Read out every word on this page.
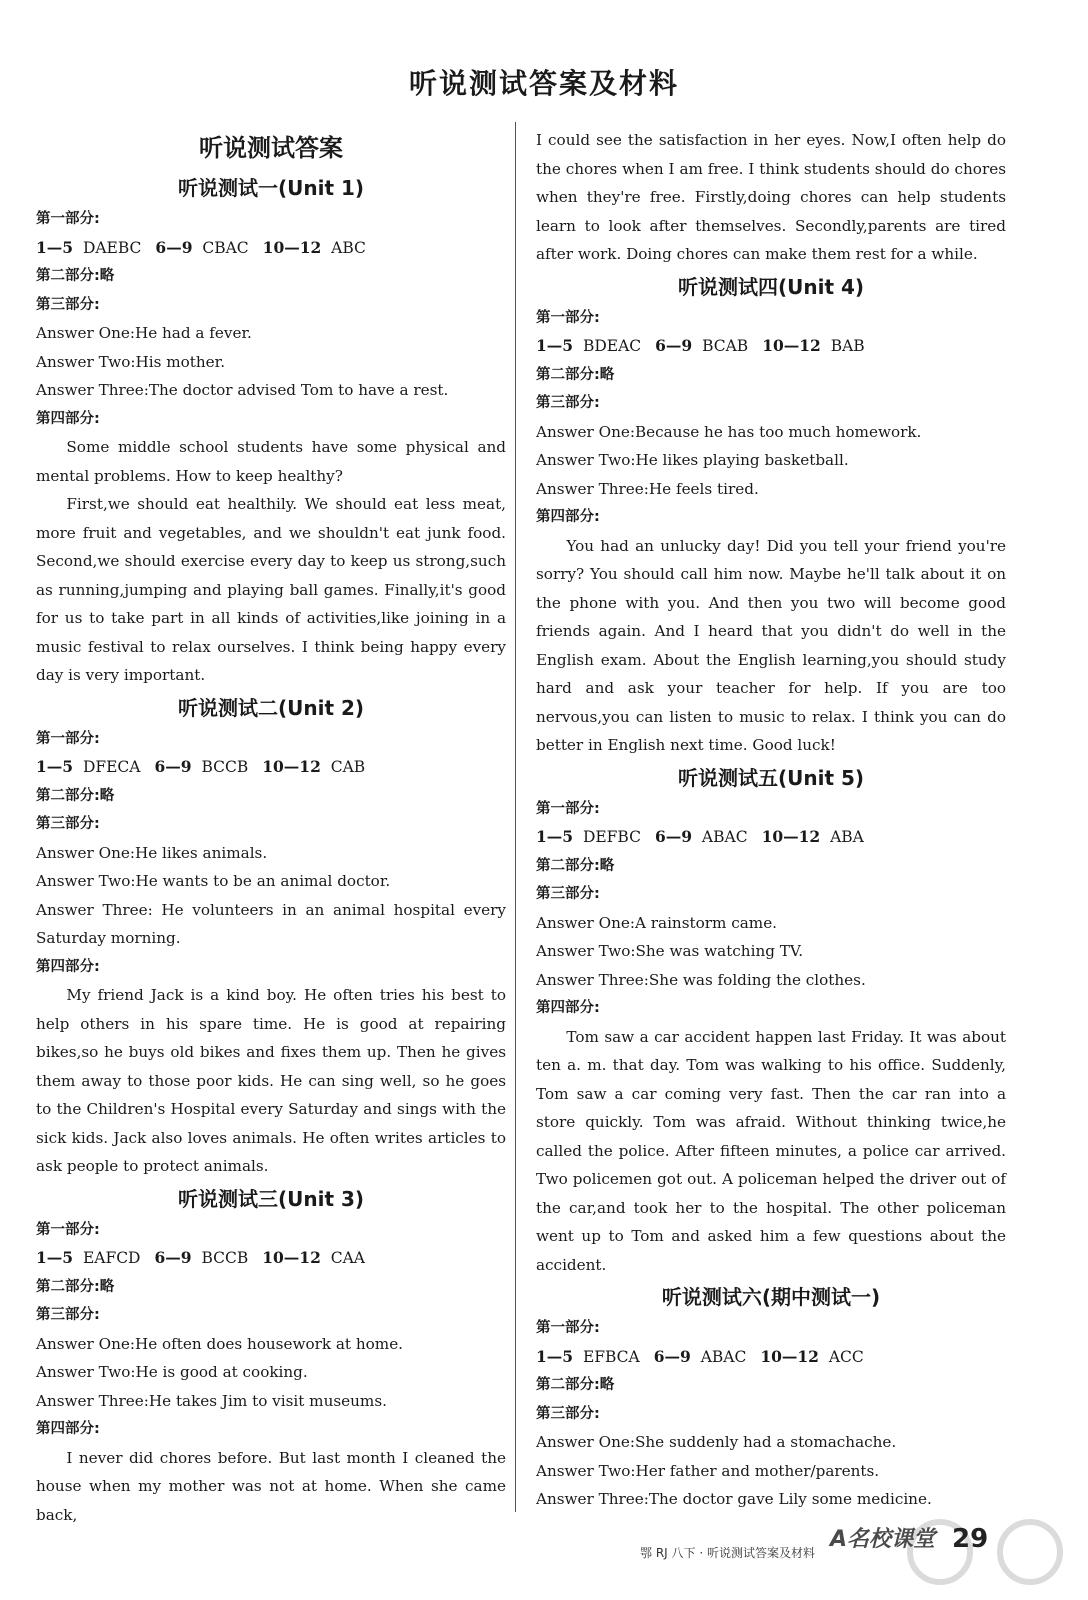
听说测试答案及材料
听说测试答案
听说测试一(Unit 1)
第一部分:
1—5 DAEBC 6—9 CBAC 10—12 ABC
第二部分:略
第三部分:
Answer One:He had a fever.
Answer Two:His mother.
Answer Three:The doctor advised Tom to have a rest.
第四部分:

Some middle school students have some physical and mental problems. How to keep healthy?

First,we should eat healthily. We should eat less meat, more fruit and vegetables, and we shouldn't eat junk food. Second,we should exercise every day to keep us strong,such as running,jumping and playing ball games. Finally,it's good for us to take part in all kinds of activities,like joining in a music festival to relax ourselves. I think being happy every day is very important.

听说测试二(Unit 2)
第一部分:
1—5 DFECA 6—9 BCCB 10—12 CAB
第二部分:略
第三部分:
Answer One:He likes animals.
Answer Two:He wants to be an animal doctor.

Answer Three: He volunteers in an animal hospital every Saturday morning.

第四部分:

My friend Jack is a kind boy. He often tries his best to help others in his spare time. He is good at repairing bikes,so he buys old bikes and fixes them up. Then he gives them away to those poor kids. He can sing well, so he goes to the Children's Hospital every Saturday and sings with the sick kids. Jack also loves animals. He often writes articles to ask people to protect animals.

听说测试三(Unit 3)
第一部分:
1—5 EAFCD 6—9 BCCB 10—12 CAA
第二部分:略
第三部分:
Answer One:He often does housework at home.
Answer Two:He is good at cooking.
Answer Three:He takes Jim to visit museums.
第四部分:

I never did chores before. But last month I cleaned the house when my mother was not at home. When she came back,

I could see the satisfaction in her eyes. Now,I often help do the chores when I am free. I think students should do chores when they're free. Firstly,doing chores can help students learn to look after themselves. Secondly,parents are tired after work. Doing chores can make them rest for a while.

听说测试四(Unit 4)
第一部分:
1—5 BDEAC 6—9 BCAB 10—12 BAB
第二部分:略
第三部分:
Answer One:Because he has too much homework.
Answer Two:He likes playing basketball.
Answer Three:He feels tired.
第四部分:

You had an unlucky day! Did you tell your friend you're sorry? You should call him now. Maybe he'll talk about it on the phone with you. And then you two will become good friends again. And I heard that you didn't do well in the English exam. About the English learning,you should study hard and ask your teacher for help. If you are too nervous,you can listen to music to relax. I think you can do better in English next time. Good luck!

听说测试五(Unit 5)
第一部分:
1—5 DEFBC 6—9 ABAC 10—12 ABA
第二部分:略
第三部分:
Answer One:A rainstorm came.
Answer Two:She was watching TV.
Answer Three:She was folding the clothes.
第四部分:

Tom saw a car accident happen last Friday. It was about ten a. m. that day. Tom was walking to his office. Suddenly, Tom saw a car coming very fast. Then the car ran into a store quickly. Tom was afraid. Without thinking twice,he called the police. After fifteen minutes, a police car arrived. Two policemen got out. A policeman helped the driver out of the car,and took her to the hospital. The other policeman went up to Tom and asked him a few questions about the accident.

听说测试六(期中测试一)
第一部分:
1—5 EFBCA 6—9 ABAC 10—12 ACC
第二部分:略
第三部分:
Answer One:She suddenly had a stomachache.
Answer Two:Her father and mother/parents.
Answer Three:The doctor gave Lily some medicine.
鄂 RJ 八下 · 听说测试答案及材料
A名校课堂 29
